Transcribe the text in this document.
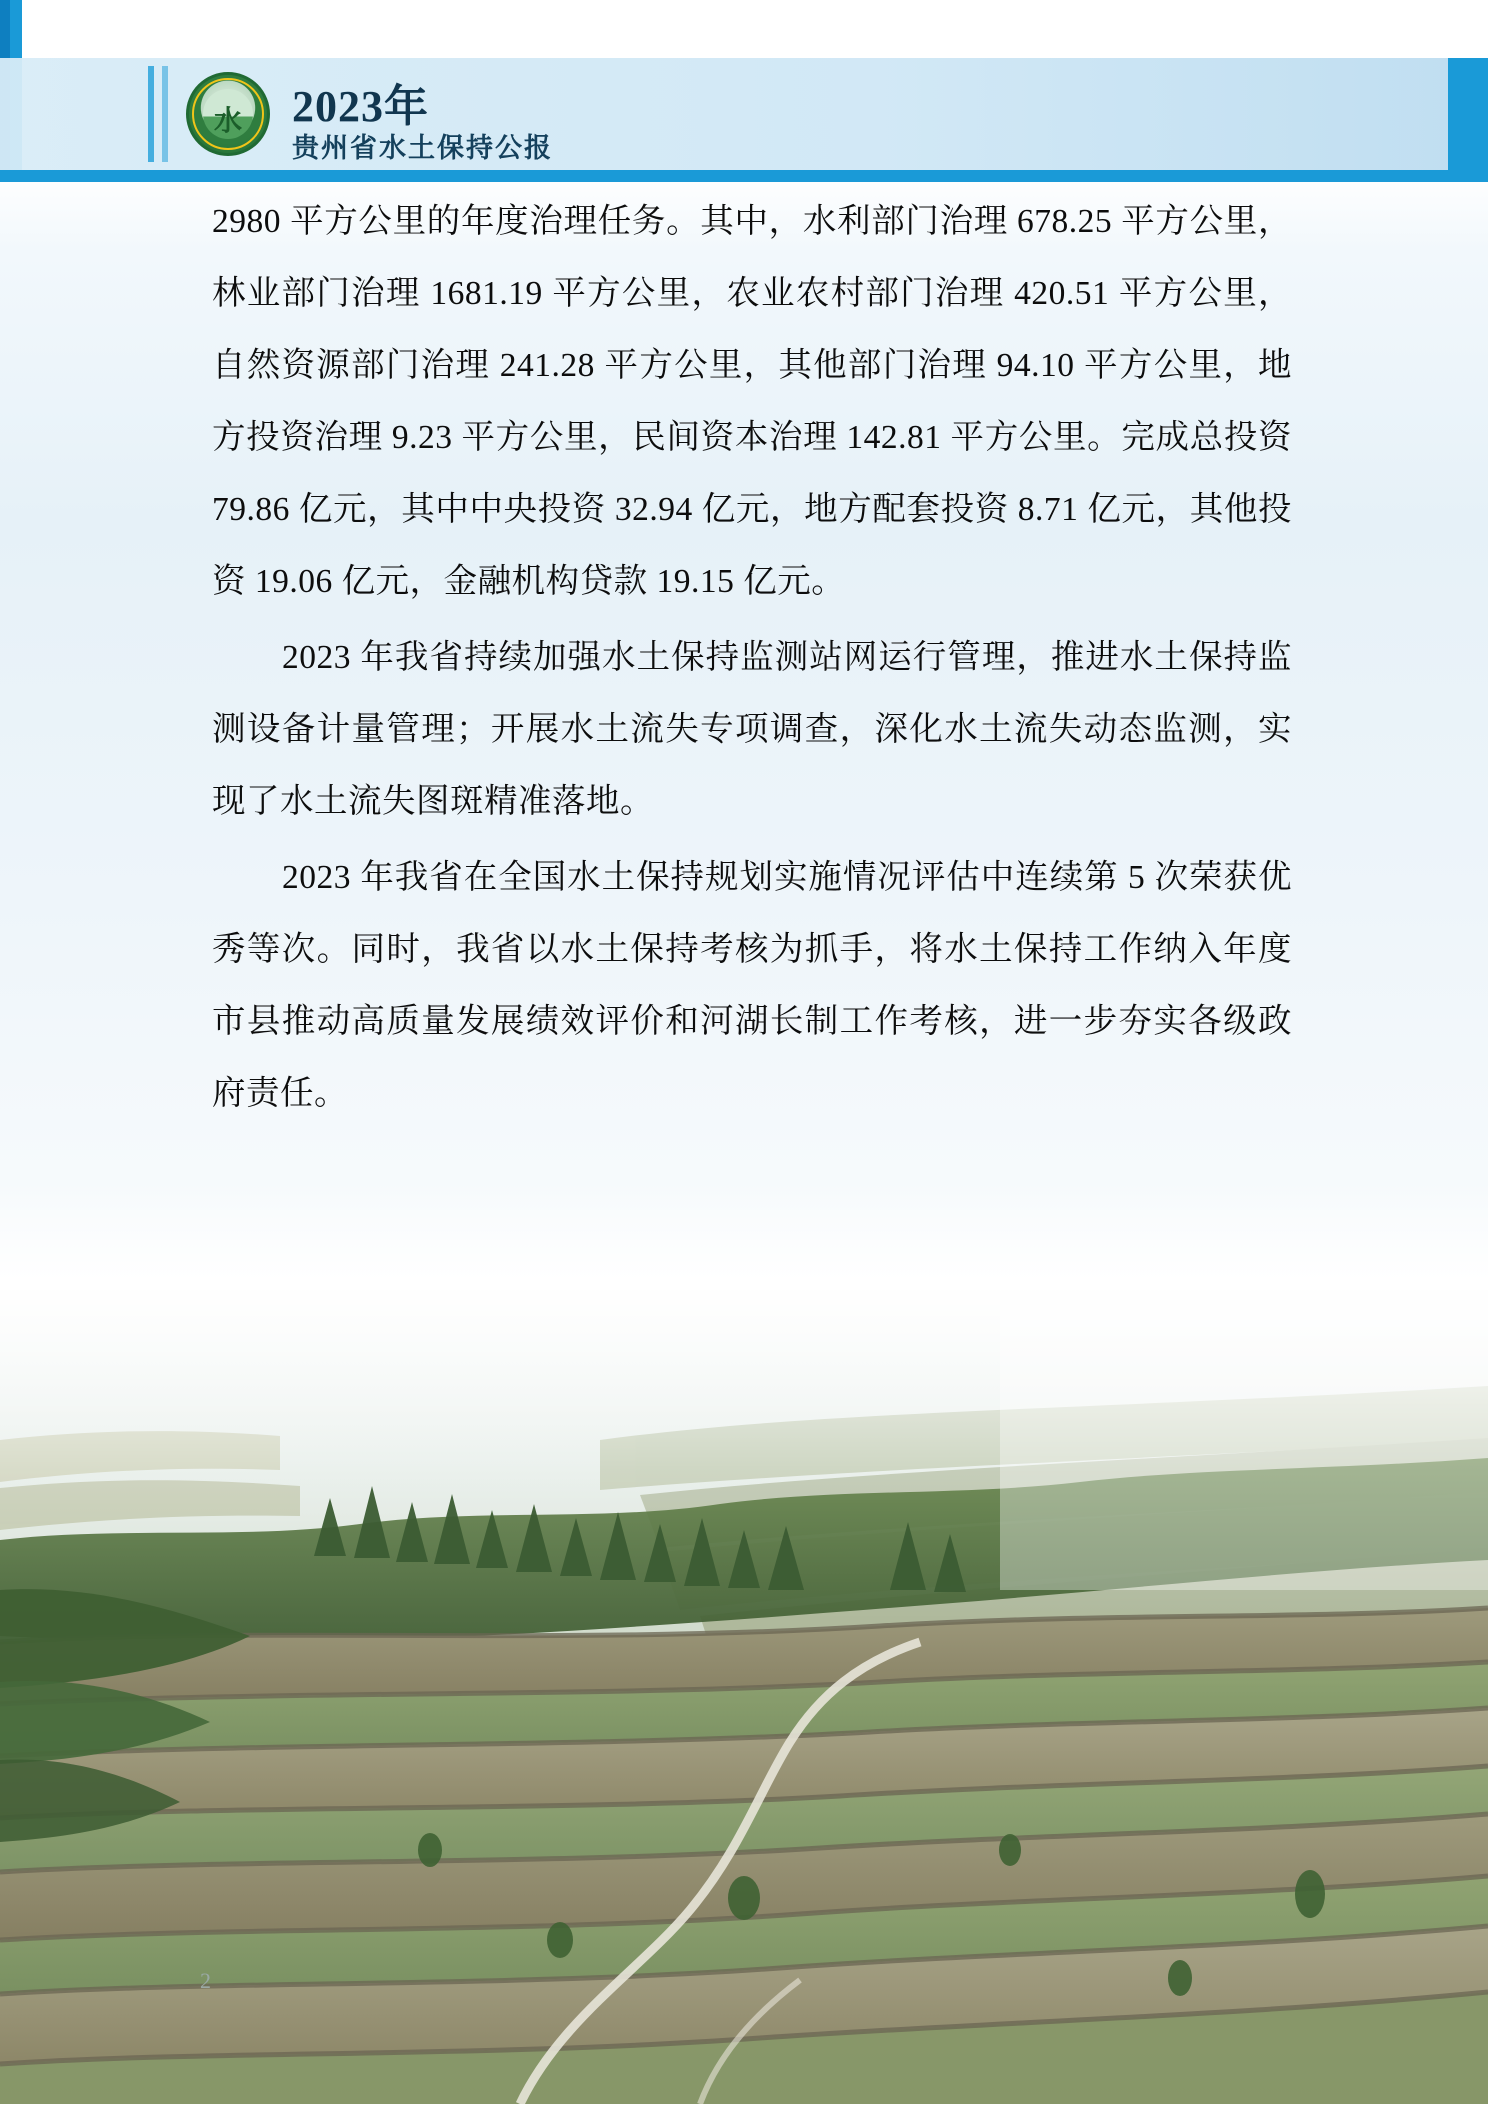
水	2023年
贵州省水土保持公报

2980 平方公里的年度治理任务。其中，水利部门治理 678.25 平方公里，林业部门治理 1681.19 平方公里，农业农村部门治理 420.51 平方公里，自然资源部门治理 241.28 平方公里，其他部门治理 94.10 平方公里，地方投资治理 9.23 平方公里，民间资本治理 142.81 平方公里。完成总投资 79.86 亿元，其中中央投资 32.94 亿元，地方配套投资 8.71 亿元，其他投资 19.06 亿元，金融机构贷款 19.15 亿元。

2023 年我省持续加强水土保持监测站网运行管理，推进水土保持监测设备计量管理；开展水土流失专项调查，深化水土流失动态监测，实现了水土流失图斑精准落地。

2023 年我省在全国水土保持规划实施情况评估中连续第 5 次荣获优秀等次。同时，我省以水土保持考核为抓手，将水土保持工作纳入年度市县推动高质量发展绩效评价和河湖长制工作考核，进一步夯实各级政府责任。

2
